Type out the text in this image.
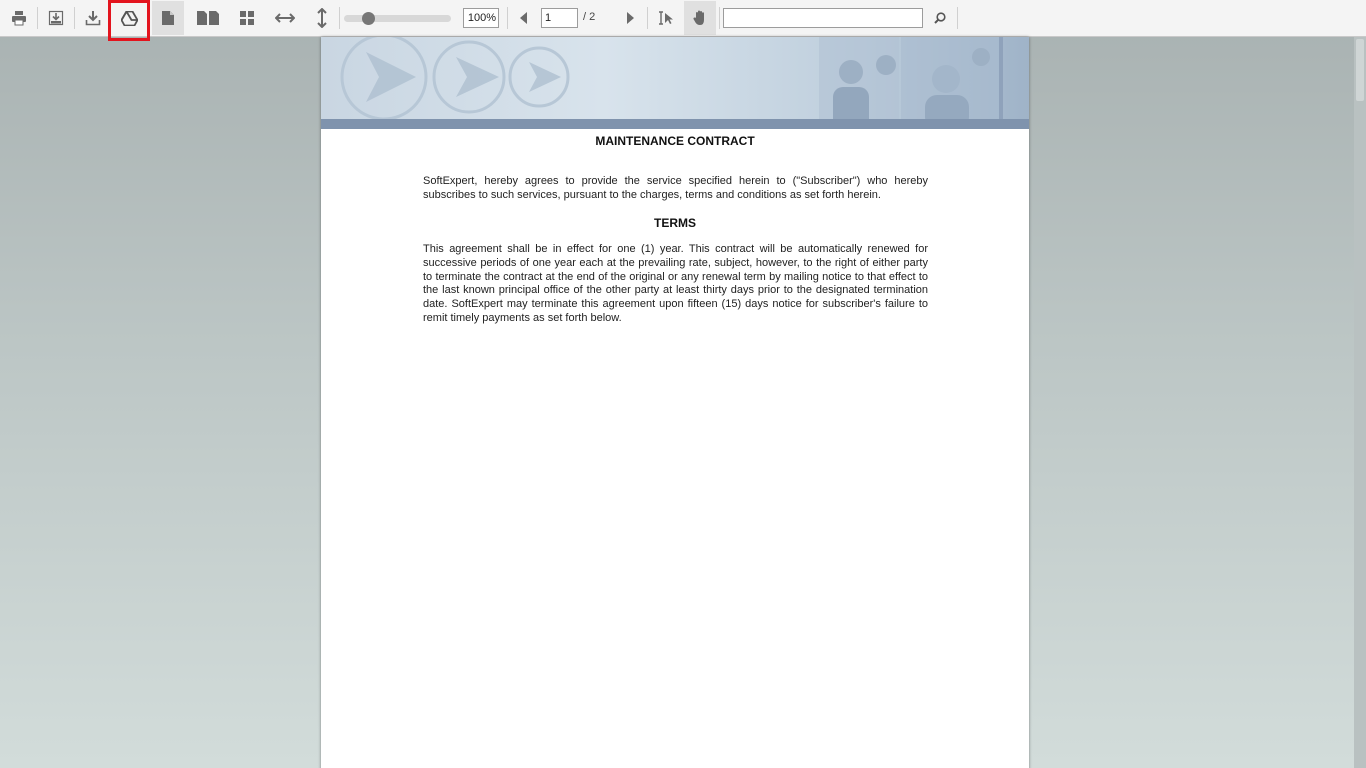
100%	1	/ 2
MAINTENANCE CONTRACT
SoftExpert, hereby agrees to provide the service specified herein to ("Subscriber") who hereby subscribes to such services, pursuant to the charges, terms and conditions as set forth herein.
TERMS
This agreement shall be in effect for one (1) year. This contract will be automatically renewed for successive periods of one year each at the prevailing rate, subject, however, to the right of either party to terminate the contract at the end of the original or any renewal term by mailing notice to that effect to the last known principal office of the other party at least thirty days prior to the designated termination date. SoftExpert may terminate this agreement upon fifteen (15) days notice for subscriber's failure to remit timely payments as set forth below.
